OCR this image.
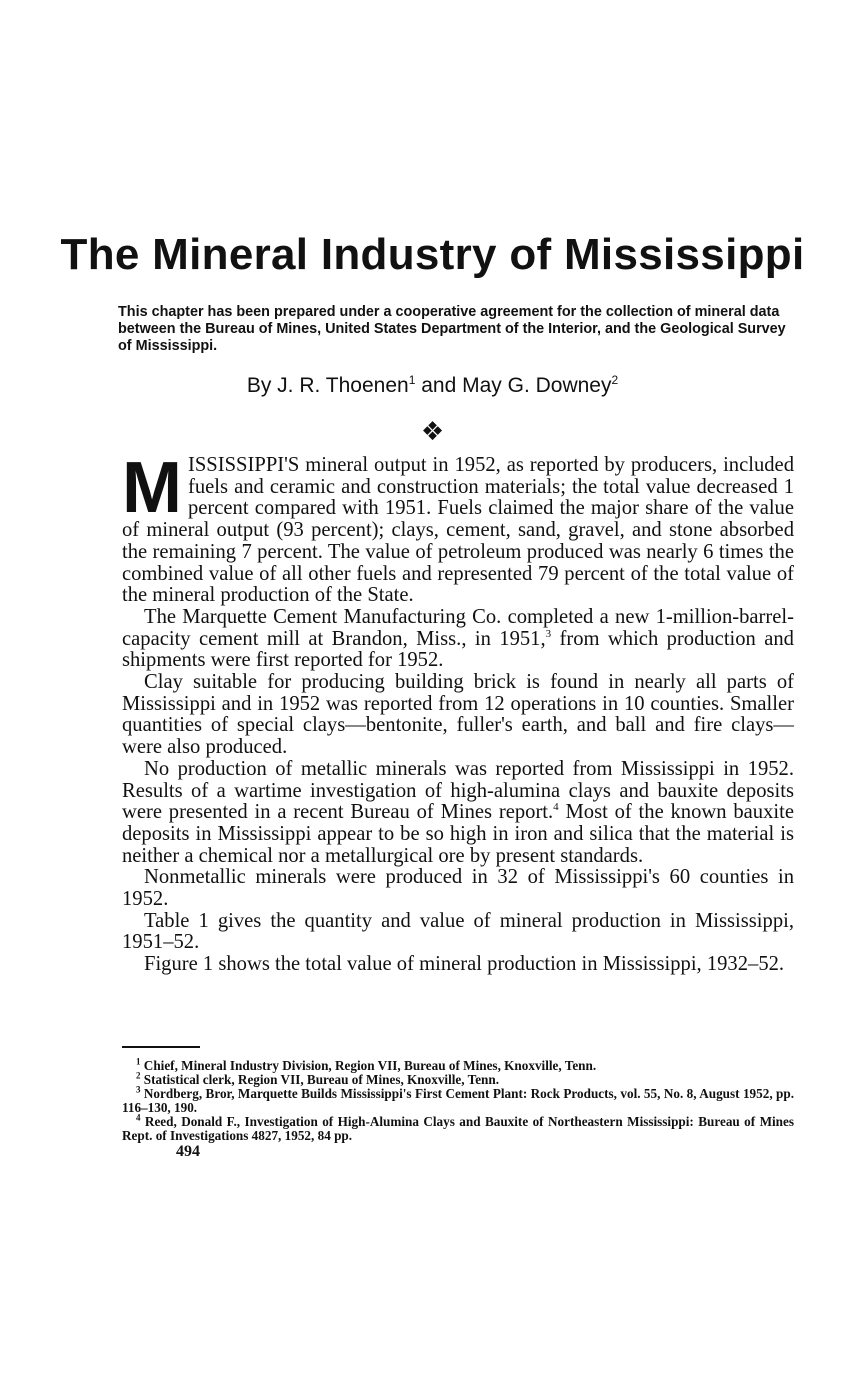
The Mineral Industry of Mississippi

This chapter has been prepared under a cooperative agreement for the collection of mineral data between the Bureau of Mines, United States Department of the Interior, and the Geological Survey of Mississippi.

By J. R. Thoenen$^1$ and May G. Downey$^2$

❖

MISSISSIPPI'S mineral output in 1952, as reported by producers, included fuels and ceramic and construction materials; the total value decreased 1 percent compared with 1951. Fuels claimed the major share of the value of mineral output (93 percent); clays, cement, sand, gravel, and stone absorbed the remaining 7 percent. The value of petroleum produced was nearly 6 times the combined value of all other fuels and represented 79 percent of the total value of the mineral production of the State.

The Marquette Cement Manufacturing Co. completed a new 1-million-barrel-capacity cement mill at Brandon, Miss., in 1951,$^3$ from which production and shipments were first reported for 1952.

Clay suitable for producing building brick is found in nearly all parts of Mississippi and in 1952 was reported from 12 operations in 10 counties. Smaller quantities of special clays—bentonite, fuller's earth, and ball and fire clays—were also produced.

No production of metallic minerals was reported from Mississippi in 1952. Results of a wartime investigation of high-alumina clays and bauxite deposits were presented in a recent Bureau of Mines report.$^4$ Most of the known bauxite deposits in Mississippi appear to be so high in iron and silica that the material is neither a chemical nor a metallurgical ore by present standards.

Nonmetallic minerals were produced in 32 of Mississippi's 60 counties in 1952.

Table 1 gives the quantity and value of mineral production in Mississippi, 1951–52.

Figure 1 shows the total value of mineral production in Mississippi, 1932–52.

$^1$ Chief, Mineral Industry Division, Region VII, Bureau of Mines, Knoxville, Tenn.

$^2$ Statistical clerk, Region VII, Bureau of Mines, Knoxville, Tenn.

$^3$ Nordberg, Bror, Marquette Builds Mississippi's First Cement Plant: Rock Products, vol. 55, No. 8, August 1952, pp. 116–130, 190.

$^4$ Reed, Donald F., Investigation of High-Alumina Clays and Bauxite of Northeastern Mississippi: Bureau of Mines Rept. of Investigations 4827, 1952, 84 pp.

494
